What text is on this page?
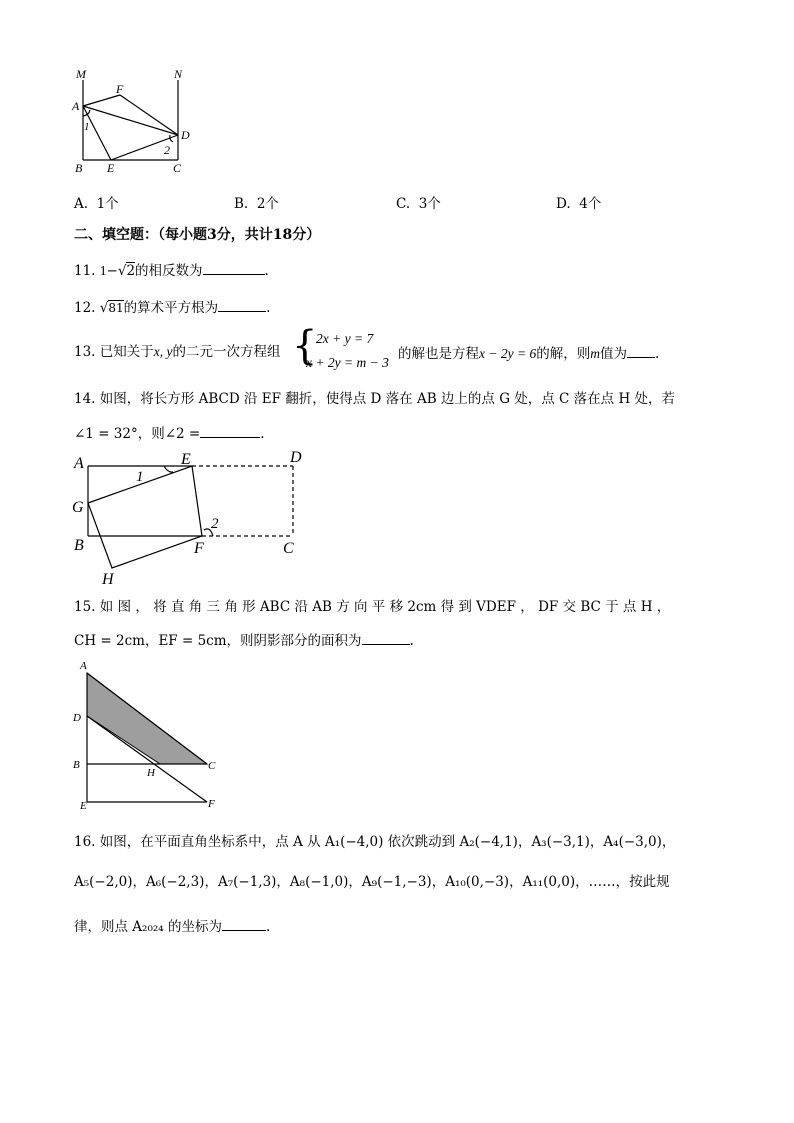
M	N
A
F
D
1
2
B E	C
A. 1个	B. 2个	C. 3个	D. 4个
二、填空题：（每小题3分，共计18分）
11. 1−√2的相反数为	.
12. √81的算术平方根为	.
13. 已知关于x, y的二元一次方程组 {
2x + y = 7
x + 2y = m − 3
的解也是方程x − 2y = 6的解，则m值为 .
14. 如图，将长方形 ABCD 沿 EF 翻折，使得点 D 落在 AB 边上的点 G 处，点 C 落在点 H 处，若
∠1 = 32°，则∠2 =	.
A	E	D
1
G
2
B	F	C
H
15. 如 图 ， 将 直 角 三 角 形 ABC 沿 AB 方 向 平 移 2cm 得 到 VDEF ， DF 交 BC 于 点 H ，
CH = 2cm，EF = 5cm，则阴影部分的面积为	.
A
D
B
H
C
E	F
16. 如图，在平面直角坐标系中，点 A 从 A₁(−4,0) 依次跳动到 A₂(−4,1)，A₃(−3,1)，A₄(−3,0)，
A₅(−2,0)，A₆(−2,3)，A₇(−1,3)，A₈(−1,0)，A₉(−1,−3)，A₁₀(0,−3)，A₁₁(0,0)，……，按此规
律，则点 A₂₀₂₄ 的坐标为	.
